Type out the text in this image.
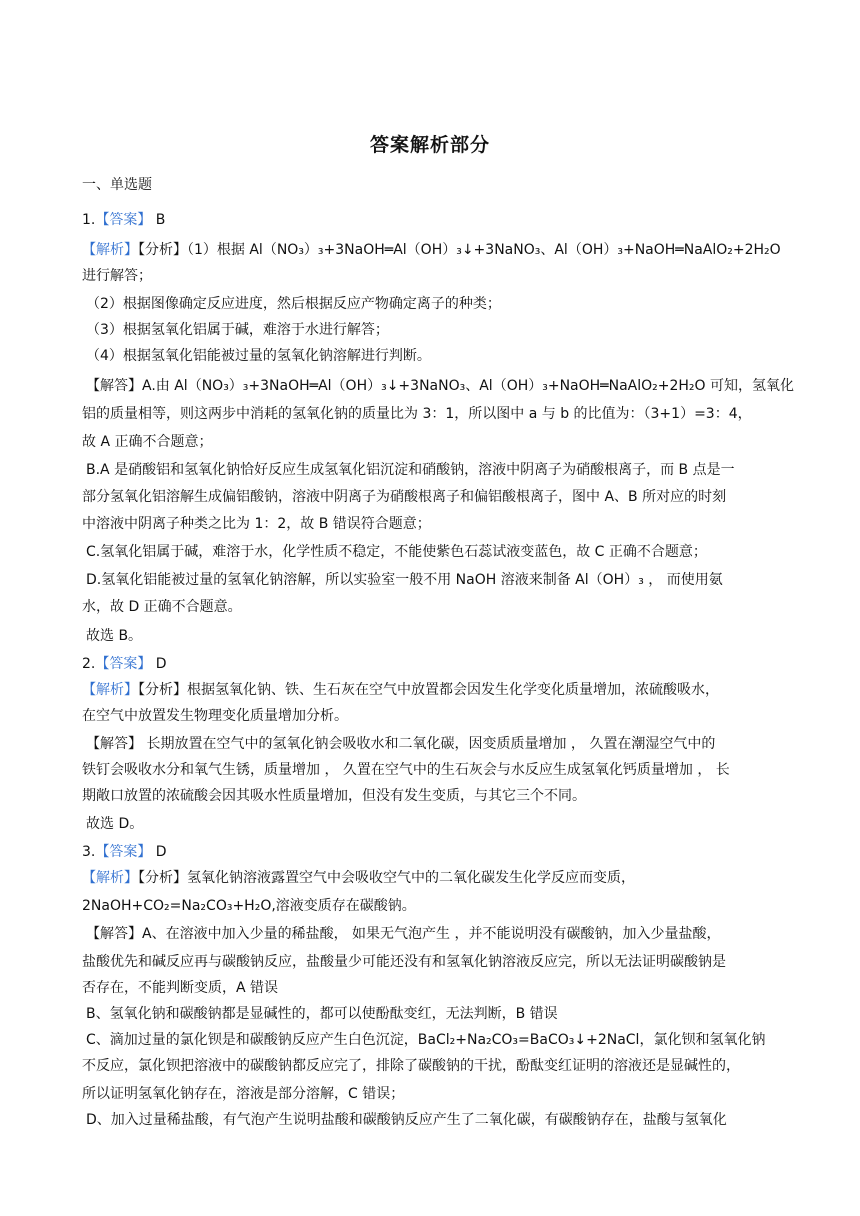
答案解析部分
一、单选题
1.【答案】 B
【解析】【分析】（1）根据 Al（NO₃）₃+3NaOH═Al（OH）₃↓+3NaNO₃、Al（OH）₃+NaOH═NaAlO₂+2H₂O
进行解答；
（2）根据图像确定反应进度，然后根据反应产物确定离子的种类；
（3）根据氢氧化铝属于碱，难溶于水进行解答；
（4）根据氢氧化铝能被过量的氢氧化钠溶解进行判断。
【解答】A.由 Al（NO₃）₃+3NaOH═Al（OH）₃↓+3NaNO₃、Al（OH）₃+NaOH═NaAlO₂+2H₂O 可知，氢氧化
铝的质量相等，则这两步中消耗的氢氧化钠的质量比为 3：1，所以图中 a 与 b 的比值为：（3+1）=3：4，
故 A 正确不合题意；
B.A 是硝酸铝和氢氧化钠恰好反应生成氢氧化铝沉淀和硝酸钠，溶液中阴离子为硝酸根离子，而 B 点是一
部分氢氧化铝溶解生成偏铝酸钠，溶液中阴离子为硝酸根离子和偏铝酸根离子，图中 A、B 所对应的时刻
中溶液中阴离子种类之比为 1：2，故 B 错误符合题意；
C.氢氧化铝属于碱，难溶于水，化学性质不稳定，不能使紫色石蕊试液变蓝色，故 C 正确不合题意；
D.氢氧化铝能被过量的氢氧化钠溶解，所以实验室一般不用 NaOH 溶液来制备 Al（OH）₃ ， 而使用氨
水，故 D 正确不合题意。
故选 B。
2.【答案】 D
【解析】【分析】根据氢氧化钠、铁、生石灰在空气中放置都会因发生化学变化质量增加，浓硫酸吸水，
在空气中放置发生物理变化质量增加分析。
【解答】 长期放置在空气中的氢氧化钠会吸收水和二氧化碳，因变质质量增加 ， 久置在潮湿空气中的
铁钉会吸收水分和氧气生锈，质量增加 ， 久置在空气中的生石灰会与水反应生成氢氧化钙质量增加 ， 长
期敞口放置的浓硫酸会因其吸水性质量增加，但没有发生变质，与其它三个不同。
故选 D。
3.【答案】 D
【解析】【分析】氢氧化钠溶液露置空气中会吸收空气中的二氧化碳发生化学反应而变质，
2NaOH+CO₂=Na₂CO₃+H₂O,溶液变质存在碳酸钠。
【解答】A、在溶液中加入少量的稀盐酸， 如果无气泡产生 ，并不能说明没有碳酸钠，加入少量盐酸，
盐酸优先和碱反应再与碳酸钠反应，盐酸量少可能还没有和氢氧化钠溶液反应完，所以无法证明碳酸钠是
否存在，不能判断变质，A 错误
B、氢氧化钠和碳酸钠都是显碱性的，都可以使酚酞变红，无法判断，B 错误
C、滴加过量的氯化钡是和碳酸钠反应产生白色沉淀，BaCl₂+Na₂CO₃=BaCO₃↓+2NaCl，氯化钡和氢氧化钠
不反应，氯化钡把溶液中的碳酸钠都反应完了，排除了碳酸钠的干扰，酚酞变红证明的溶液还是显碱性的，
所以证明氢氧化钠存在，溶液是部分溶解，C 错误；
D、加入过量稀盐酸，有气泡产生说明盐酸和碳酸钠反应产生了二氧化碳，有碳酸钠存在，盐酸与氢氧化
